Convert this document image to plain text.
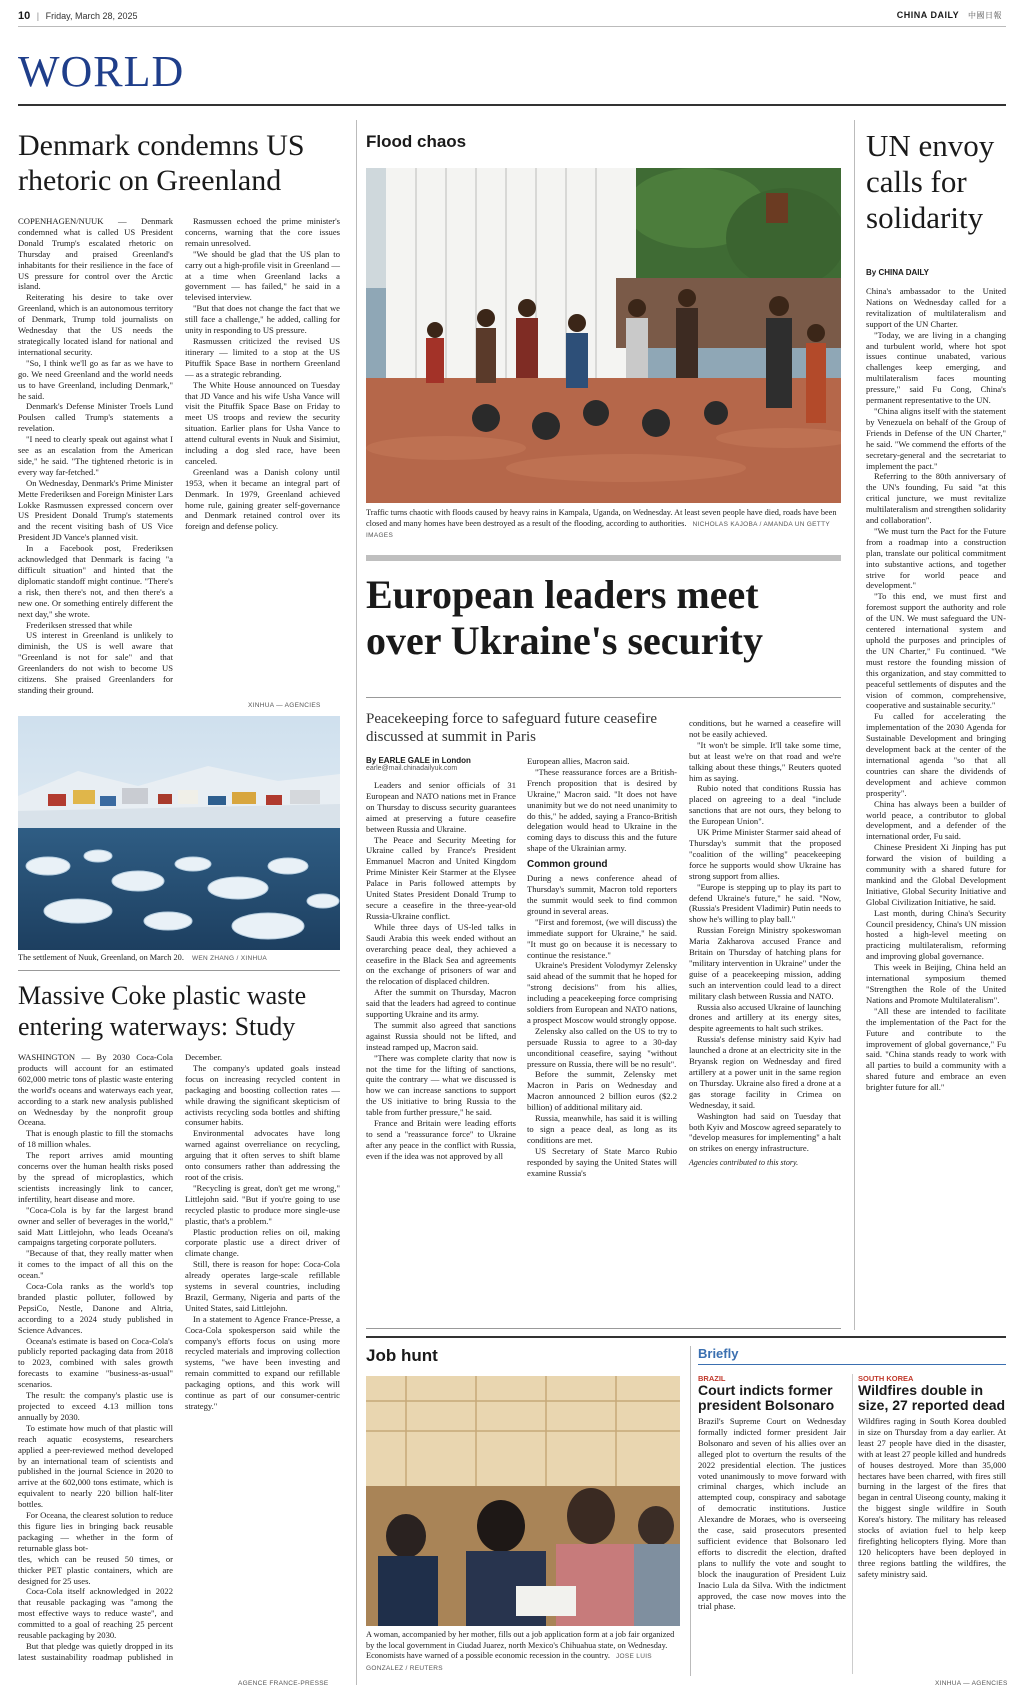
10 | Friday, March 28, 2025	CHINA DAILY 中國日報
WORLD
Denmark condemns US rhetoric on Greenland

COPENHAGEN/NUUK — Denmark condemned what is called US President Donald Trump's escalated rhetoric on Thursday and praised Greenland's inhabitants for their resilience in the face of US pressure for control over the Arctic island.

Reiterating his desire to take over Greenland, which is an autonomous territory of Denmark, Trump told journalists on Wednesday that the US needs the strategically located island for national and international security.

"So, I think we'll go as far as we have to go. We need Greenland and the world needs us to have Greenland, including Denmark," he said.

Denmark's Defense Minister Troels Lund Poulsen called Trump's statements a revelation.

"I need to clearly speak out against what I see as an escalation from the American side," he said. "The tightened rhetoric is in every way far-fetched."

On Wednesday, Denmark's Prime Minister Mette Frederiksen and Foreign Minister Lars Lokke Rasmussen expressed concern over US President Donald Trump's statements and the recent visiting bash of US Vice President JD Vance's planned visit.

In a Facebook post, Frederiksen acknowledged that Denmark is facing "a difficult situation" and hinted that the diplomatic standoff might continue. "There's a risk, then there's not, and then there's a new one. Or something entirely different the next day," she wrote.

Frederiksen stressed that while

US interest in Greenland is unlikely to diminish, the US is well aware that "Greenland is not for sale" and that Greenlanders do not wish to become US citizens. She praised Greenlanders for standing their ground.

Rasmussen echoed the prime minister's concerns, warning that the core issues remain unresolved.

"We should be glad that the US plan to carry out a high-profile visit in Greenland — at a time when Greenland lacks a government — has failed," he said in a televised interview.

"But that does not change the fact that we still face a challenge," he added, calling for unity in responding to US pressure.

Rasmussen criticized the revised US itinerary — limited to a stop at the US Pituffik Space Base in northern Greenland — as a strategic rebranding.

The White House announced on Tuesday that JD Vance and his wife Usha Vance will visit the Pituffik Space Base on Friday to meet US troops and review the security situation. Earlier plans for Usha Vance to attend cultural events in Nuuk and Sisimiut, including a dog sled race, have been canceled.

Greenland was a Danish colony until 1953, when it became an integral part of Denmark. In 1979, Greenland achieved home rule, gaining greater self-governance and Denmark retained control over its foreign and defense policy.

XINHUA — AGENCIES
The settlement of Nuuk, Greenland, on March 20. WEN ZHANG / XINHUA
Massive Coke plastic waste entering waterways: Study

WASHINGTON — By 2030 Coca-Cola products will account for an estimated 602,000 metric tons of plastic waste entering the world's oceans and waterways each year, according to a stark new analysis published on Wednesday by the nonprofit group Oceana.

That is enough plastic to fill the stomachs of 18 million whales.

The report arrives amid mounting concerns over the human health risks posed by the spread of microplastics, which scientists increasingly link to cancer, infertility, heart disease and more.

"Coca-Cola is by far the largest brand owner and seller of beverages in the world," said Matt Littlejohn, who leads Oceana's campaigns targeting corporate polluters.

"Because of that, they really matter when it comes to the impact of all this on the ocean."

Coca-Cola ranks as the world's top branded plastic polluter, followed by PepsiCo, Nestle, Danone and Altria, according to a 2024 study published in Science Advances.

Oceana's estimate is based on Coca-Cola's publicly reported packaging data from 2018 to 2023, combined with sales growth forecasts to examine "business-as-usual" scenarios.

The result: the company's plastic use is projected to exceed 4.13 million tons annually by 2030.

To estimate how much of that plastic will reach aquatic ecosystems, researchers applied a peer-reviewed method developed by an international team of scientists and published in the journal Science in 2020 to arrive at the 602,000 tons estimate, which is equivalent to nearly 220 billion half-liter bottles.

For Oceana, the clearest solution to reduce this figure lies in bringing back reusable packaging — whether in the form of returnable glass bot-

tles, which can be reused 50 times, or thicker PET plastic containers, which are designed for 25 uses.

Coca-Cola itself acknowledged in 2022 that reusable packaging was "among the most effective ways to reduce waste", and committed to a goal of reaching 25 percent reusable packaging by 2030.

But that pledge was quietly dropped in its latest sustainability roadmap published in December.

The company's updated goals instead focus on increasing recycled content in packaging and boosting collection rates — while drawing the significant skepticism of activists recycling soda bottles and shifting consumer habits.

Environmental advocates have long warned against overreliance on recycling, arguing that it often serves to shift blame onto consumers rather than addressing the root of the crisis.

"Recycling is great, don't get me wrong," Littlejohn said. "But if you're going to use recycled plastic to produce more single-use plastic, that's a problem."

Plastic production relies on oil, making corporate plastic use a direct driver of climate change.

Still, there is reason for hope: Coca-Cola already operates large-scale refillable systems in several countries, including Brazil, Germany, Nigeria and parts of the United States, said Littlejohn.

In a statement to Agence France-Presse, a Coca-Cola spokesperson said while the company's efforts focus on using more recycled materials and improving collection systems, "we have been investing and remain committed to expand our refillable packaging options, and this work will continue as part of our consumer-centric strategy."

AGENCE FRANCE-PRESSE
Flood chaos
Traffic turns chaotic with floods caused by heavy rains in Kampala, Uganda, on Wednesday. At least seven people have died, roads have been closed and many homes have been destroyed as a result of the flooding, according to authorities. NICHOLAS KAJOBA / AMANDA UN GETTY IMAGES
European leaders meet over Ukraine's security
Peacekeeping force to safeguard future ceasefire discussed at summit in Paris
By EARLE GALE in London
earle@mail.chinadailyuk.com

Leaders and senior officials of 31 European and NATO nations met in France on Thursday to discuss security guarantees aimed at preserving a future ceasefire between Russia and Ukraine.

The Peace and Security Meeting for Ukraine called by France's President Emmanuel Macron and United Kingdom Prime Minister Keir Starmer at the Elysee Palace in Paris followed attempts by United States President Donald Trump to secure a ceasefire in the three-year-old Russia-Ukraine conflict.

While three days of US-led talks in Saudi Arabia this week ended without an overarching peace deal, they achieved a ceasefire in the Black Sea and agreements on the exchange of prisoners of war and the relocation of displaced children.

After the summit on Thursday, Macron said that the leaders had agreed to continue supporting Ukraine and its army.

The summit also agreed that sanctions against Russia should not be lifted, and instead ramped up, Macron said.

"There was complete clarity that now is not the time for the lifting of sanctions, quite the contrary — what we discussed is how we can increase sanctions to support the US initiative to bring Russia to the table from further pressure," he said.

France and Britain were leading efforts to send a "reassurance force" to Ukraine after any peace in the conflict with Russia, even if the idea was not approved by all

European allies, Macron said.

"These reassurance forces are a British-French proposition that is desired by Ukraine," Macron said. "It does not have unanimity but we do not need unanimity to do this," he added, saying a Franco-British delegation would head to Ukraine in the coming days to discuss this and the future shape of the Ukrainian army.

Common ground

During a news conference ahead of Thursday's summit, Macron told reporters the summit would seek to find common ground in several areas.

"First and foremost, (we will discuss) the immediate support for Ukraine," he said. "It must go on because it is necessary to continue the resistance."

Ukraine's President Volodymyr Zelensky said ahead of the summit that he hoped for "strong decisions" from his allies, including a peacekeeping force comprising soldiers from European and NATO nations, a prospect Moscow would strongly oppose.

Zelensky also called on the US to try to persuade Russia to agree to a 30-day unconditional ceasefire, saying "without pressure on Russia, there will be no result".

Before the summit, Zelensky met Macron in Paris on Wednesday and Macron announced 2 billion euros ($2.2 billion) of additional military aid.

Russia, meanwhile, has said it is willing to sign a peace deal, as long as its conditions are met.

US Secretary of State Marco Rubio responded by saying the United States will examine Russia's

conditions, but he warned a ceasefire will not be easily achieved.

"It won't be simple. It'll take some time, but at least we're on that road and we're talking about these things," Reuters quoted him as saying.

Rubio noted that conditions Russia has placed on agreeing to a deal "include sanctions that are not ours, they belong to the European Union".

UK Prime Minister Starmer said ahead of Thursday's summit that the proposed "coalition of the willing" peacekeeping force he supports would show Ukraine has strong support from allies.

"Europe is stepping up to play its part to defend Ukraine's future," he said. "Now, (Russia's President Vladimir) Putin needs to show he's willing to play ball."

Russian Foreign Ministry spokeswoman Maria Zakharova accused France and Britain on Thursday of hatching plans for "military intervention in Ukraine" under the guise of a peacekeeping mission, adding such an intervention could lead to a direct military clash between Russia and NATO.

Russia also accused Ukraine of launching drones and artillery at its energy sites, despite agreements to halt such strikes.

Russia's defense ministry said Kyiv had launched a drone at an electricity site in the Bryansk region on Wednesday and fired artillery at a power unit in the same region on Thursday. Ukraine also fired a drone at a gas storage facility in Crimea on Wednesday, it said.

Washington had said on Tuesday that both Kyiv and Moscow agreed separately to "develop measures for implementing" a halt on strikes on energy infrastructure.

Agencies contributed to this story.
UN envoy calls for solidarity
By CHINA DAILY

China's ambassador to the United Nations on Wednesday called for a revitalization of multilateralism and support of the UN Charter.

"Today, we are living in a changing and turbulent world, where hot spot issues continue unabated, various challenges keep emerging, and multilateralism faces mounting pressure," said Fu Cong, China's permanent representative to the UN.

"China aligns itself with the statement by Venezuela on behalf of the Group of Friends in Defense of the UN Charter," he said. "We commend the efforts of the secretary-general and the secretariat to implement the pact."

Referring to the 80th anniversary of the UN's founding, Fu said "at this critical juncture, we must revitalize multilateralism and strengthen solidarity and collaboration".

"We must turn the Pact for the Future from a roadmap into a construction plan, translate our political commitment into substantive actions, and together strive for world peace and development."

"To this end, we must first and foremost support the authority and role of the UN. We must safeguard the UN-centered international system and uphold the purposes and principles of the UN Charter," Fu continued. "We must restore the founding mission of this organization, and stay committed to peaceful settlements of disputes and the vision of common, comprehensive, cooperative and sustainable security."

Fu called for accelerating the implementation of the 2030 Agenda for Sustainable Development and bringing development back at the center of the international agenda "so that all countries can share the dividends of development and achieve common prosperity".

China has always been a builder of world peace, a contributor to global development, and a defender of the international order, Fu said.

Chinese President Xi Jinping has put forward the vision of building a community with a shared future for mankind and the Global Development Initiative, Global Security Initiative and Global Civilization Initiative, he said.

Last month, during China's Security Council presidency, China's UN mission hosted a high-level meeting on practicing multilateralism, reforming and improving global governance.

This week in Beijing, China held an international symposium themed "Strengthen the Role of the United Nations and Promote Multilateralism".

"All these are intended to facilitate the implementation of the Pact for the Future and contribute to the improvement of global governance," Fu said. "China stands ready to work with all parties to build a community with a shared future and embrace an even brighter future for all."

Job hunt
A woman, accompanied by her mother, fills out a job application form at a job fair organized by the local government in Ciudad Juarez, north Mexico's Chihuahua state, on Wednesday. Economists have warned of a possible economic recession in the country. JOSE LUIS GONZALEZ / REUTERS
Briefly
BRAZIL
Court indicts former president Bolsonaro
Brazil's Supreme Court on Wednesday formally indicted former president Jair Bolsonaro and seven of his allies over an alleged plot to overturn the results of the 2022 presidential election. The justices voted unanimously to move forward with criminal charges, which include an attempted coup, conspiracy and sabotage of democratic institutions. Justice Alexandre de Moraes, who is overseeing the case, said prosecutors presented sufficient evidence that Bolsonaro led efforts to discredit the election, drafted plans to nullify the vote and sought to block the inauguration of President Luiz Inacio Lula da Silva. With the indictment approved, the case now moves into the trial phase.
SOUTH KOREA
Wildfires double in size, 27 reported dead
Wildfires raging in South Korea doubled in size on Thursday from a day earlier. At least 27 people have died in the disaster, with at least 27 people killed and hundreds of houses destroyed. More than 35,000 hectares have been charred, with fires still burning in the largest of the fires that began in central Uiseong county, making it the biggest single wildfire in South Korea's history. The military has released stocks of aviation fuel to help keep firefighting helicopters flying. More than 120 helicopters have been deployed in three regions battling the wildfires, the safety ministry said.
XINHUA — AGENCIES
